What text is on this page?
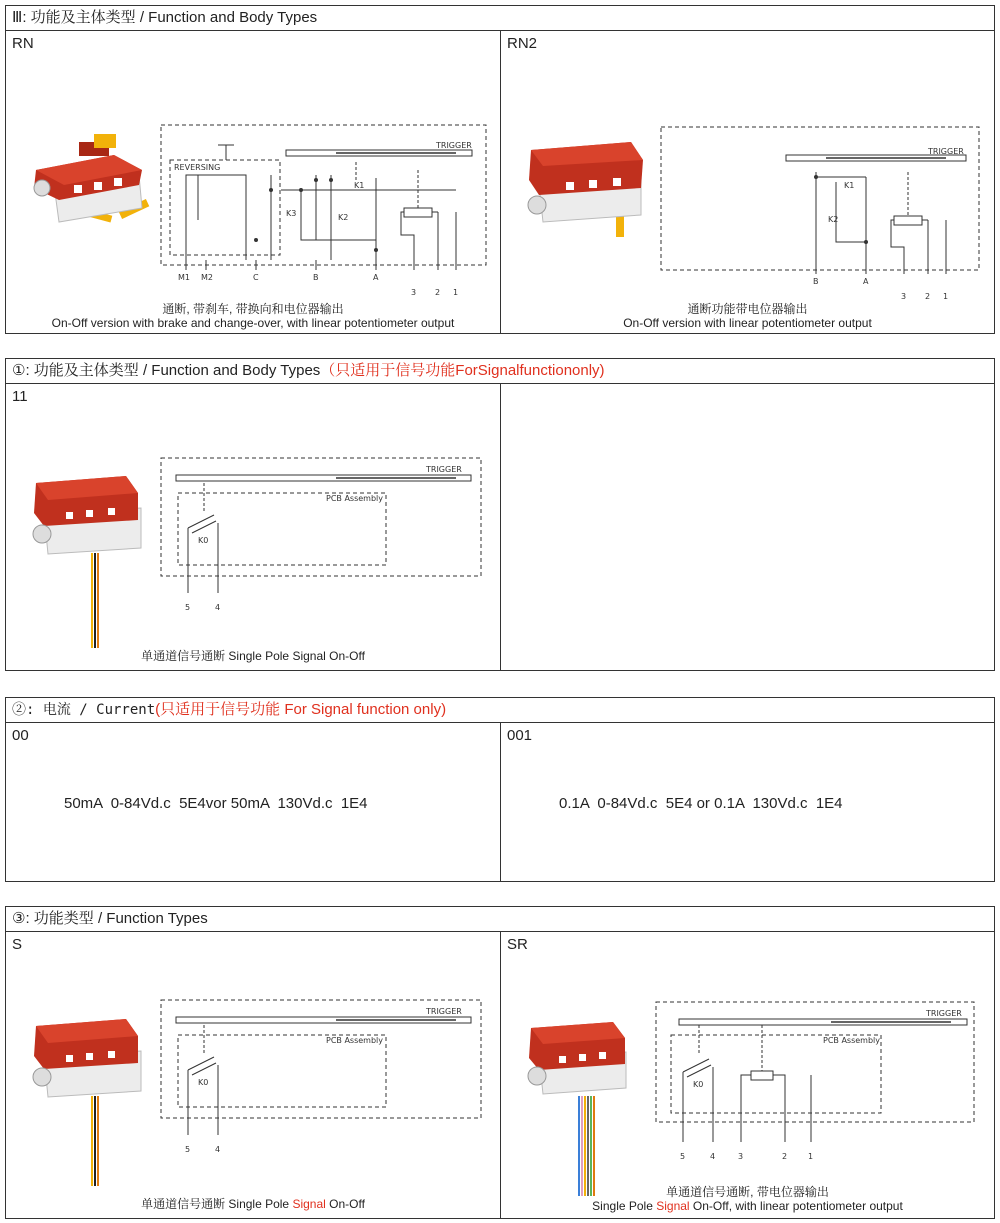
Ⅲ: 功能及主体类型 / Function and Body Types
RN
TRIGGER
REVERSING
K1
K2
K3
M1 M2	C	B	A
3 2 1
通断, 带刹车, 带换向和电位器输出
On-Off version with brake and change-over, with linear potentiometer output
RN2
TRIGGER
K1
K2
B	A
3 2 1
通断功能带电位器输出
On-Off version with linear potentiometer output
①: 功能及主体类型 / Function and Body Types（只适用于信号功能ForSignalfunctiononly)
11
TRIGGER
PCB Assembly
K0
5	4
单通道信号通断 Single Pole Signal On-Off
②: 电流 / Current(只适用于信号功能 For Signal function only)
00
50mA  0-84Vd.c  5E4vor 50mA  130Vd.c  1E4
001
0.1A  0-84Vd.c  5E4 or 0.1A  130Vd.c  1E4
③: 功能类型 / Function Types
S
TRIGGER
PCB Assembly
K0
5	4
单通道信号通断 Single Pole Signal On-Off
SR
TRIGGER
PCB Assembly
K0
5	4	3	2	1
单通道信号通断, 带电位器输出
Single Pole Signal On-Off, with linear potentiometer output
